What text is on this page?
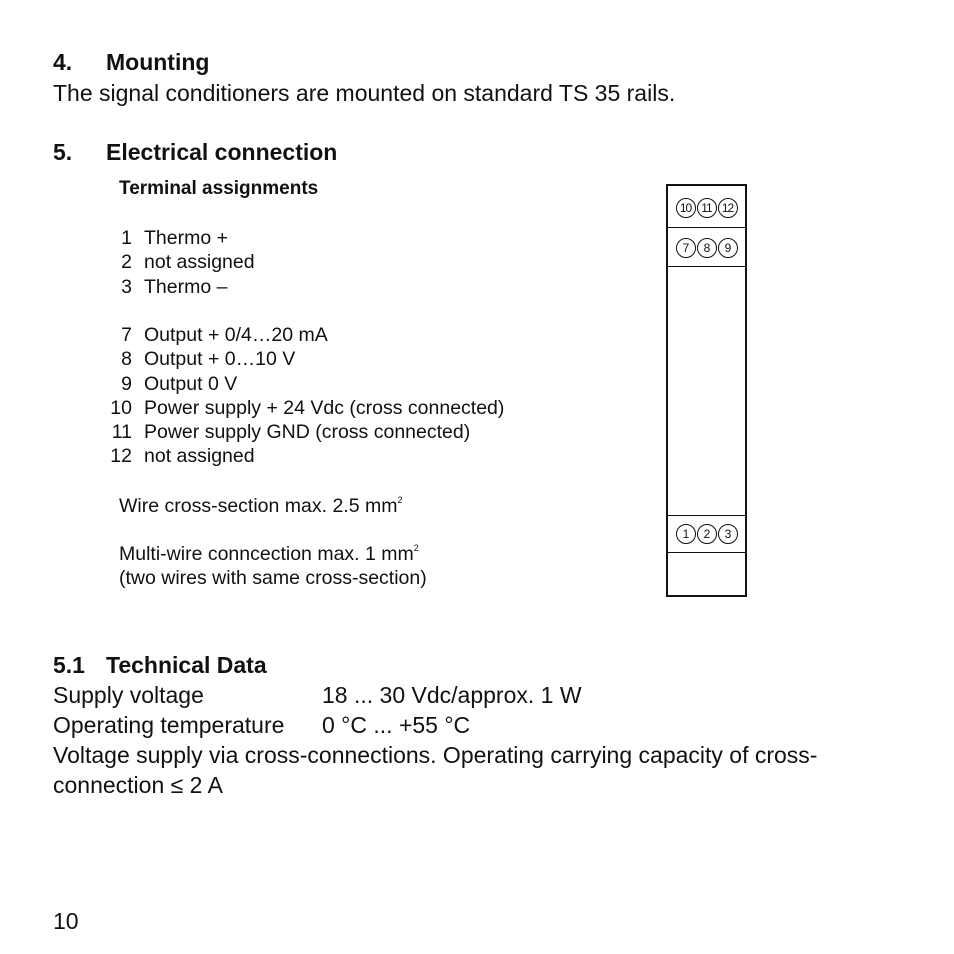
4. Mounting
The signal conditioners are mounted on standard TS 35 rails.
5. Electrical connection
Terminal assignments
1 Thermo +
2 not assigned
3 Thermo –
7 Output + 0/4…20 mA
8 Output + 0…10 V
9 Output 0 V
10 Power supply + 24 Vdc (cross connected)
11 Power supply GND (cross connected)
12 not assigned
Wire cross-section max. 2.5 $mm^2$
Multi-wire conncection max. 1 $mm^2$
(two wires with same cross-section)
10 11 12
7	8	9
1	2	3
5.1 Technical Data
Supply voltage	18 ... 30 Vdc/approx. 1 W
Operating temperature	0 °C ... +55 °C
Voltage supply via cross-connections. Operating carrying capacity of cross-
connection ≤ 2 A
10
